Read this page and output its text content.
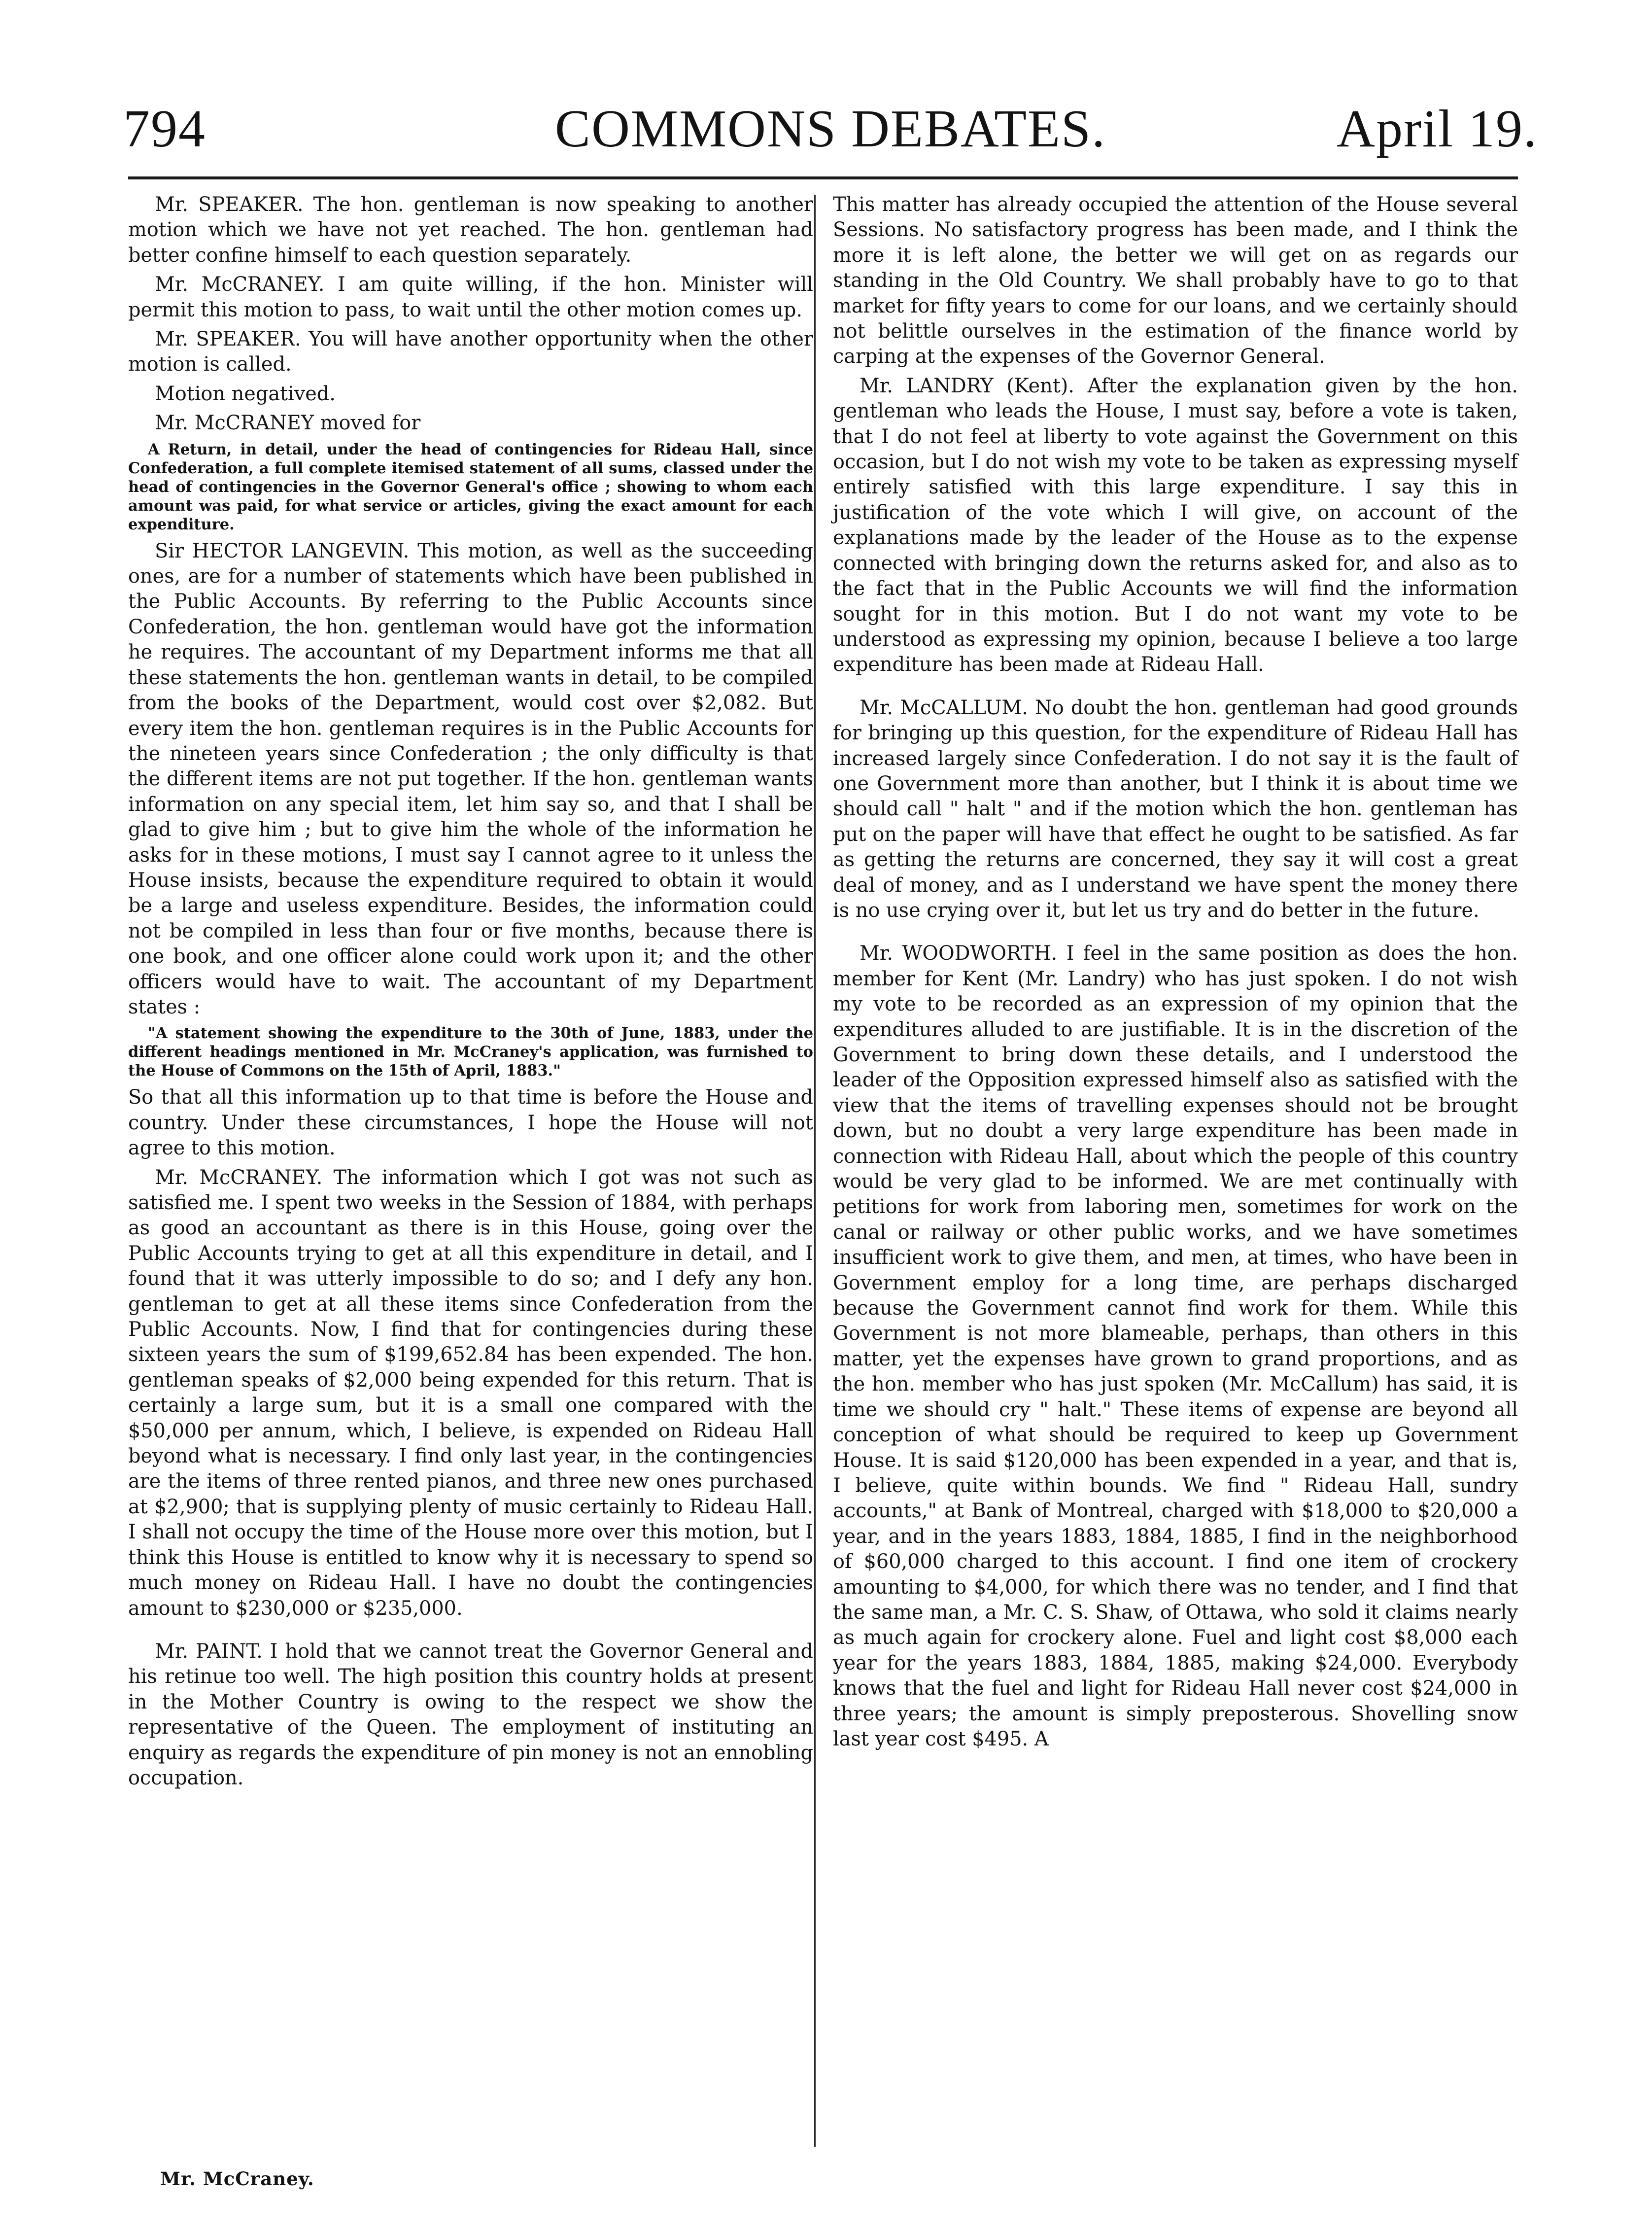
794	COMMONS DEBATES.	April 19.

Mr. SPEAKER. The hon. gentleman is now speaking to another motion which we have not yet reached. The hon. gentleman had better confine himself to each question separately.

Mr. McCRANEY. I am quite willing, if the hon. Minister will permit this motion to pass, to wait until the other motion comes up.

Mr. SPEAKER. You will have another opportunity when the other motion is called.

Motion negatived.

Mr. McCRANEY moved for

A Return, in detail, under the head of contingencies for Rideau Hall, since Confederation, a full complete itemised statement of all sums, classed under the head of contingencies in the Governor General's office ; showing to whom each amount was paid, for what service or articles, giving the exact amount for each expenditure.

Sir HECTOR LANGEVIN. This motion, as well as the succeeding ones, are for a number of statements which have been published in the Public Accounts. By referring to the Public Accounts since Confederation, the hon. gentleman would have got the information he requires. The accountant of my Department informs me that all these statements the hon. gentleman wants in detail, to be compiled from the books of the Department, would cost over $2,082. But every item the hon. gentleman requires is in the Public Accounts for the nineteen years since Confederation ; the only difficulty is that the different items are not put together. If the hon. gentleman wants information on any special item, let him say so, and that I shall be glad to give him ; but to give him the whole of the information he asks for in these motions, I must say I cannot agree to it unless the House insists, because the expenditure required to obtain it would be a large and useless expenditure. Besides, the information could not be compiled in less than four or five months, because there is one book, and one officer alone could work upon it; and the other officers would have to wait. The accountant of my Department states :

"A statement showing the expenditure to the 30th of June, 1883, under the different headings mentioned in Mr. McCraney's application, was furnished to the House of Commons on the 15th of April, 1883."

So that all this information up to that time is before the House and country. Under these circumstances, I hope the House will not agree to this motion.

Mr. McCRANEY. The information which I got was not such as satisfied me. I spent two weeks in the Session of 1884, with perhaps as good an accountant as there is in this House, going over the Public Accounts trying to get at all this expenditure in detail, and I found that it was utterly impossible to do so; and I defy any hon. gentleman to get at all these items since Confederation from the Public Accounts. Now, I find that for contingencies during these sixteen years the sum of $199,652.84 has been expended. The hon. gentleman speaks of $2,000 being expended for this return. That is certainly a large sum, but it is a small one compared with the $50,000 per annum, which, I believe, is expended on Rideau Hall beyond what is necessary. I find only last year, in the contingencies are the items of three rented pianos, and three new ones purchased at $2,900; that is supplying plenty of music certainly to Rideau Hall. I shall not occupy the time of the House more over this motion, but I think this House is entitled to know why it is necessary to spend so much money on Rideau Hall. I have no doubt the contingencies amount to $230,000 or $235,000.

Mr. PAINT. I hold that we cannot treat the Governor General and his retinue too well. The high position this country holds at present in the Mother Country is owing to the respect we show the representative of the Queen. The employment of instituting an enquiry as regards the expenditure of pin money is not an ennobling occupation.

This matter has already occupied the attention of the House several Sessions. No satisfactory progress has been made, and I think the more it is left alone, the better we will get on as regards our standing in the Old Country. We shall probably have to go to that market for fifty years to come for our loans, and we certainly should not belittle ourselves in the estimation of the finance world by carping at the expenses of the Governor General.

Mr. LANDRY (Kent). After the explanation given by the hon. gentleman who leads the House, I must say, before a vote is taken, that I do not feel at liberty to vote against the Government on this occasion, but I do not wish my vote to be taken as expressing myself entirely satisfied with this large expenditure. I say this in justification of the vote which I will give, on account of the explanations made by the leader of the House as to the expense connected with bringing down the returns asked for, and also as to the fact that in the Public Accounts we will find the information sought for in this motion. But I do not want my vote to be understood as expressing my opinion, because I believe a too large expenditure has been made at Rideau Hall.

Mr. McCALLUM. No doubt the hon. gentleman had good grounds for bringing up this question, for the expenditure of Rideau Hall has increased largely since Confederation. I do not say it is the fault of one Government more than another, but I think it is about time we should call " halt " and if the motion which the hon. gentleman has put on the paper will have that effect he ought to be satisfied. As far as getting the returns are concerned, they say it will cost a great deal of money, and as I understand we have spent the money there is no use crying over it, but let us try and do better in the future.

Mr. WOODWORTH. I feel in the same position as does the hon. member for Kent (Mr. Landry) who has just spoken. I do not wish my vote to be recorded as an expression of my opinion that the expenditures alluded to are justifiable. It is in the discretion of the Government to bring down these details, and I understood the leader of the Opposition expressed himself also as satisfied with the view that the items of travelling expenses should not be brought down, but no doubt a very large expenditure has been made in connection with Rideau Hall, about which the people of this country would be very glad to be informed. We are met continually with petitions for work from laboring men, sometimes for work on the canal or railway or other public works, and we have sometimes insufficient work to give them, and men, at times, who have been in Government employ for a long time, are perhaps discharged because the Government cannot find work for them. While this Government is not more blameable, perhaps, than others in this matter, yet the expenses have grown to grand proportions, and as the hon. member who has just spoken (Mr. McCallum) has said, it is time we should cry " halt." These items of expense are beyond all conception of what should be required to keep up Government House. It is said $120,000 has been expended in a year, and that is, I believe, quite within bounds. We find " Rideau Hall, sundry accounts," at Bank of Montreal, charged with $18,000 to $20,000 a year, and in the years 1883, 1884, 1885, I find in the neighborhood of $60,000 charged to this account. I find one item of crockery amounting to $4,000, for which there was no tender, and I find that the same man, a Mr. C. S. Shaw, of Ottawa, who sold it claims nearly as much again for crockery alone. Fuel and light cost $8,000 each year for the years 1883, 1884, 1885, making $24,000. Everybody knows that the fuel and light for Rideau Hall never cost $24,000 in three years; the amount is simply preposterous. Shovelling snow last year cost $495. A

Mr. McCraney.
